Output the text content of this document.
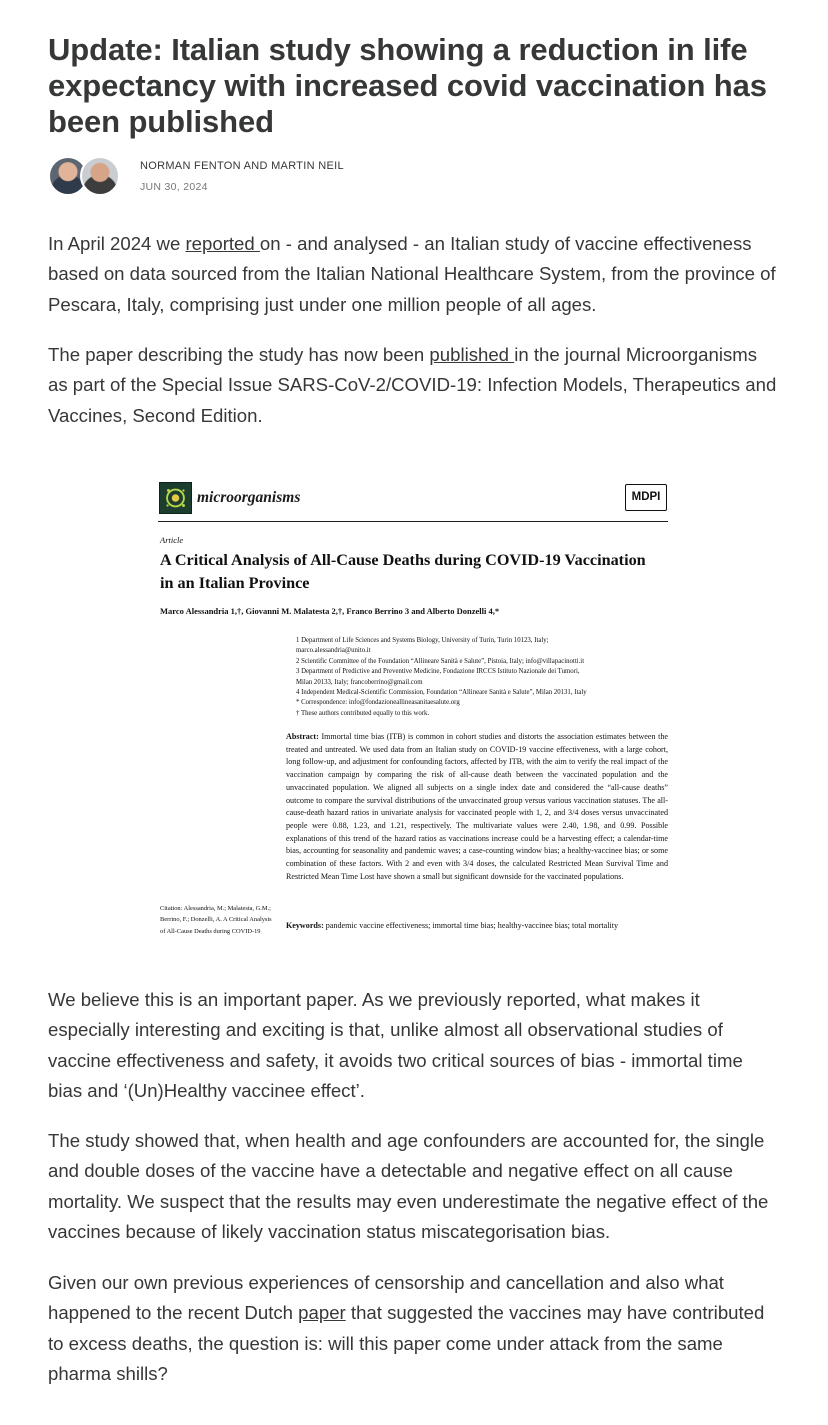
Update: Italian study showing a reduction in life expectancy with increased covid vaccination has been published
NORMAN FENTON AND MARTIN NEIL
JUN 30, 2024

In April 2024 we reported on - and analysed - an Italian study of vaccine effectiveness based on data sourced from the Italian National Healthcare System, from the province of Pescara, Italy, comprising just under one million people of all ages.

The paper describing the study has now been published in the journal Microorganisms as part of the Special Issue SARS-CoV-2/COVID-19: Infection Models, Therapeutics and Vaccines, Second Edition.

microorganisms	MDPI
Article
A Critical Analysis of All-Cause Deaths during COVID-19 Vaccination in an Italian Province
Marco Alessandria 1,†, Giovanni M. Malatesta 2,†, Franco Berrino 3 and Alberto Donzelli 4,*
1 Department of Life Sciences and Systems Biology, University of Turin, Turin 10123, Italy;
marco.alessandria@unito.it
2 Scientific Committee of the Foundation “Allineare Sanità e Salute”, Pistoia, Italy; info@villapacinotti.it
3 Department of Predictive and Preventive Medicine, Fondazione IRCCS Istituto Nazionale dei Tumori,
Milan 20133, Italy; francoberrino@gmail.com
4 Independent Medical-Scientific Commission, Foundation “Allineare Sanità e Salute”, Milan 20131, Italy
* Correspondence: info@fondazioneallineasanitaesalute.org
† These authors contributed equally to this work.
Abstract: Immortal time bias (ITB) is common in cohort studies and distorts the association estimates between the treated and untreated. We used data from an Italian study on COVID-19 vaccine effectiveness, with a large cohort, long follow-up, and adjustment for confounding factors, affected by ITB, with the aim to verify the real impact of the vaccination campaign by comparing the risk of all-cause death between the vaccinated population and the unvaccinated population. We aligned all subjects on a single index date and considered the “all-cause deaths” outcome to compare the survival distributions of the unvaccinated group versus various vaccination statuses. The all-cause-death hazard ratios in univariate analysis for vaccinated people with 1, 2, and 3/4 doses versus unvaccinated people were 0.88, 1.23, and 1.21, respectively. The multivariate values were 2.40, 1.98, and 0.99. Possible explanations of this trend of the hazard ratios as vaccinations increase could be a harvesting effect; a calendar-time bias, accounting for seasonality and pandemic waves; a case-counting window bias; a healthy-vaccinee bias; or some combination of these factors. With 2 and even with 3/4 doses, the calculated Restricted Mean Survival Time and Restricted Mean Time Lost have shown a small but significant downside for the vaccinated populations.
Citation: Alessandria, M.; Malatesta, G.M.; Berrino, F.; Donzelli, A. A Critical Analysis of All-Cause Deaths during COVID-19
Keywords: pandemic vaccine effectiveness; immortal time bias; healthy-vaccinee bias; total mortality

We believe this is an important paper. As we previously reported, what makes it especially interesting and exciting is that, unlike almost all observational studies of vaccine effectiveness and safety, it avoids two critical sources of bias - immortal time bias and ‘(Un)Healthy vaccinee effect’.

The study showed that, when health and age confounders are accounted for, the single and double doses of the vaccine have a detectable and negative effect on all cause mortality. We suspect that the results may even underestimate the negative effect of the vaccines because of likely vaccination status miscategorisation bias.

Given our own previous experiences of censorship and cancellation and also what happened to the recent Dutch paper that suggested the vaccines may have contributed to excess deaths, the question is: will this paper come under attack from the same pharma shills?
